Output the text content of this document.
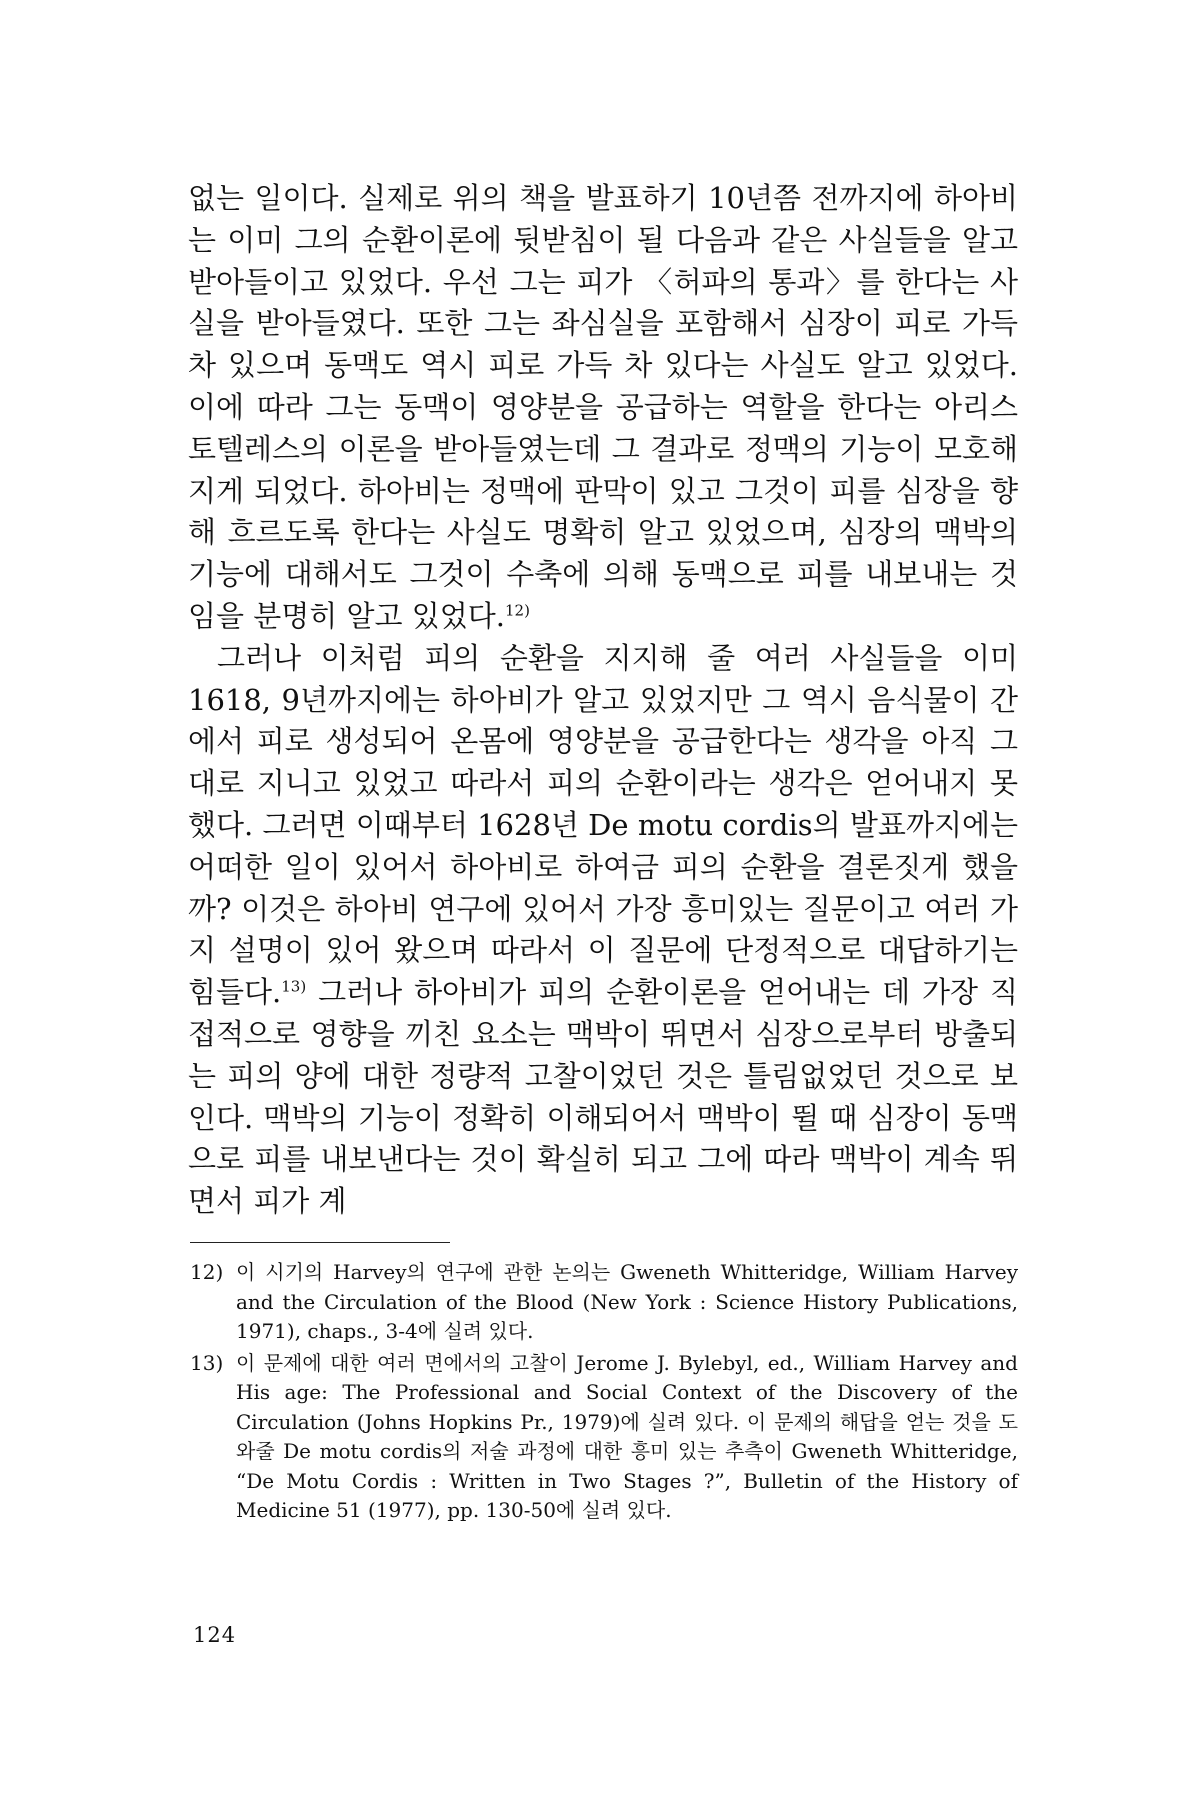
없는 일이다. 실제로 위의 책을 발표하기 10년쯤 전까지에 하아비는 이미 그의 순환이론에 뒷받침이 될 다음과 같은 사실들을 알고 받아들이고 있었다. 우선 그는 피가 〈허파의 통과〉를 한다는 사실을 받아들였다. 또한 그는 좌심실을 포함해서 심장이 피로 가득 차 있으며 동맥도 역시 피로 가득 차 있다는 사실도 알고 있었다. 이에 따라 그는 동맥이 영양분을 공급하는 역할을 한다는 아리스토텔레스의 이론을 받아들였는데 그 결과로 정맥의 기능이 모호해지게 되었다. 하아비는 정맥에 판막이 있고 그것이 피를 심장을 향해 흐르도록 한다는 사실도 명확히 알고 있었으며, 심장의 맥박의 기능에 대해서도 그것이 수축에 의해 동맥으로 피를 내보내는 것임을 분명히 알고 있었다.$^{12)}$

그러나 이처럼 피의 순환을 지지해 줄 여러 사실들을 이미 1618, 9년까지에는 하아비가 알고 있었지만 그 역시 음식물이 간에서 피로 생성되어 온몸에 영양분을 공급한다는 생각을 아직 그대로 지니고 있었고 따라서 피의 순환이라는 생각은 얻어내지 못했다. 그러면 이때부터 1628년 De motu cordis의 발표까지에는 어떠한 일이 있어서 하아비로 하여금 피의 순환을 결론짓게 했을까? 이것은 하아비 연구에 있어서 가장 흥미있는 질문이고 여러 가지 설명이 있어 왔으며 따라서 이 질문에 단정적으로 대답하기는 힘들다.$^{13)}$ 그러나 하아비가 피의 순환이론을 얻어내는 데 가장 직접적으로 영향을 끼친 요소는 맥박이 뛰면서 심장으로부터 방출되는 피의 양에 대한 정량적 고찰이었던 것은 틀림없었던 것으로 보인다. 맥박의 기능이 정확히 이해되어서 맥박이 뛸 때 심장이 동맥으로 피를 내보낸다는 것이 확실히 되고 그에 따라 맥박이 계속 뛰면서 피가 계

12) 이 시기의 Harvey의 연구에 관한 논의는 Gweneth Whitteridge, William Harvey and the Circulation of the Blood (New York : Science History Publications, 1971), chaps., 3-4에 실려 있다.

13) 이 문제에 대한 여러 면에서의 고찰이 Jerome J. Bylebyl, ed., William Harvey and His age: The Professional and Social Context of the Discovery of the Circulation (Johns Hopkins Pr., 1979)에 실려 있다. 이 문제의 해답을 얻는 것을 도와줄 De motu cordis의 저술 과정에 대한 흥미 있는 추측이 Gweneth Whitteridge, “De Motu Cordis : Written in Two Stages ?”, Bulletin of the History of Medicine 51 (1977), pp. 130-50에 실려 있다.

124
